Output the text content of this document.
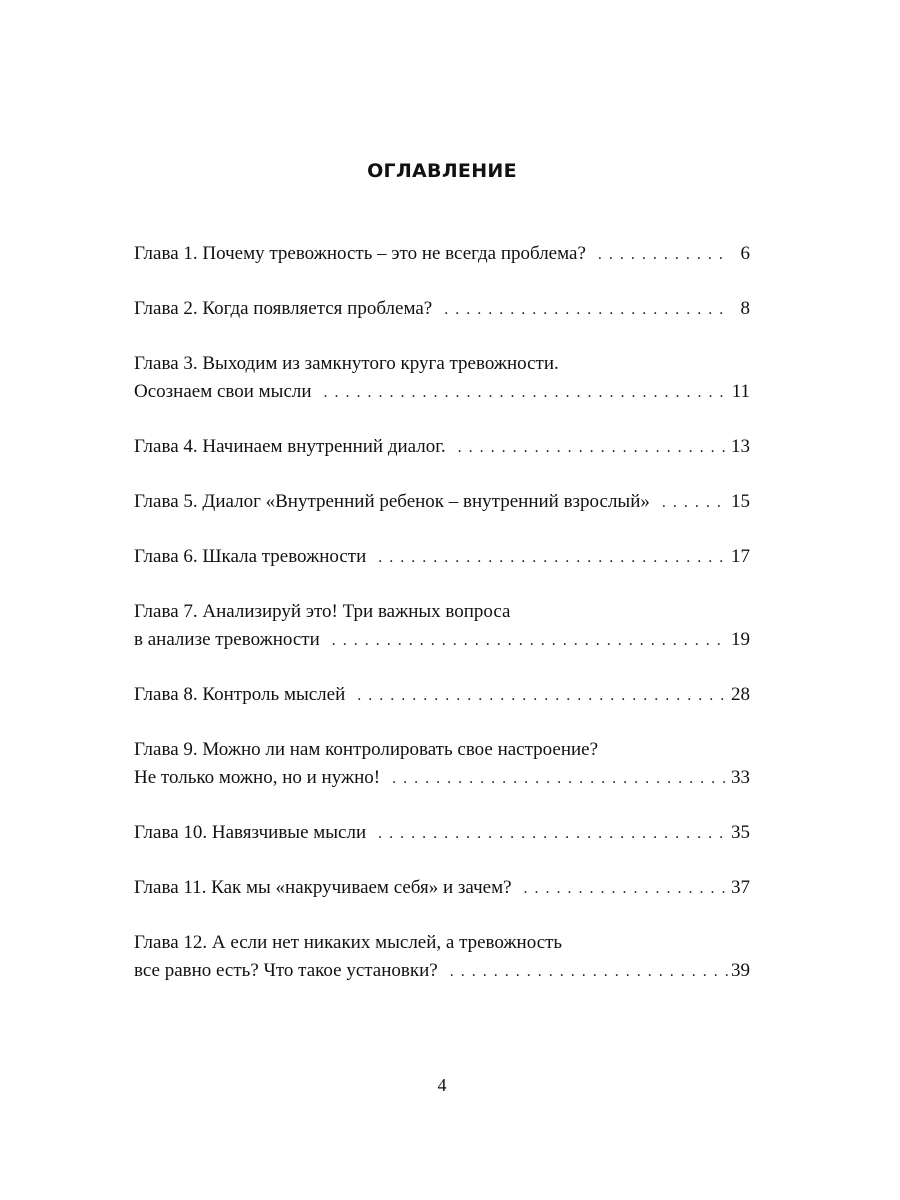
ОГЛАВЛЕНИЕ
Глава 1. Почему тревожность – это не всегда проблема? . . .	6
Глава 2. Когда появляется проблема? . . .	8
Глава 3. Выходим из замкнутого круга тревожности.
Осознаем свои мысли . . .	11
Глава 4. Начинаем внутренний диалог. . . .	13
Глава 5. Диалог «Внутренний ребенок – внутренний взрослый» . . .	15
Глава 6. Шкала тревожности . . .	17
Глава 7. Анализируй это! Три важных вопроса
в анализе тревожности . . .	19
Глава 8. Контроль мыслей . . .	28
Глава 9. Можно ли нам контролировать свое настроение?
Не только можно, но и нужно! . . .	33
Глава 10. Навязчивые мысли . . .	35
Глава 11. Как мы «накручиваем себя» и зачем? . . .	37
Глава 12. А если нет никаких мыслей, а тревожность
все равно есть? Что такое установки? . . .	39
4
